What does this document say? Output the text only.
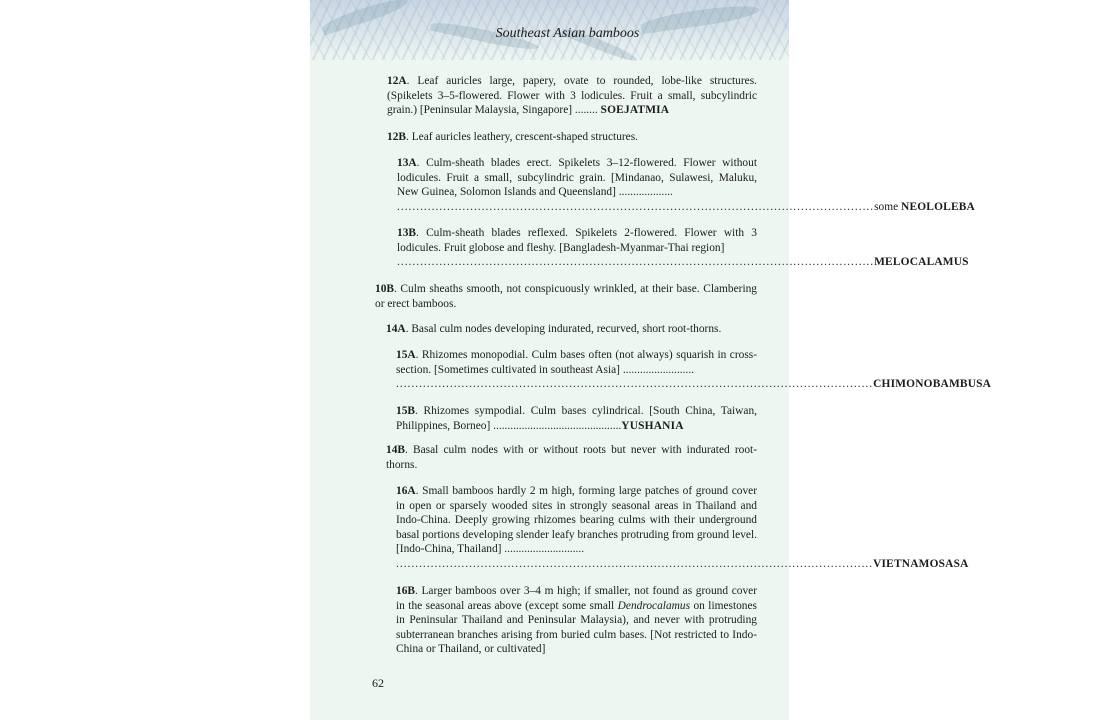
Southeast Asian bamboos

12A. Leaf auricles large, papery, ovate to rounded, lobe-like structures. (Spikelets 3–5-flowered. Flower with 3 lodicules. Fruit a small, subcylindric grain.) [Peninsular Malaysia, Singapore] ........ SOEJATMIA

12B. Leaf auricles leathery, crescent-shaped structures.

13A. Culm-sheath blades erect. Spikelets 3–12-flowered. Flower without lodicules. Fruit a small, subcylindric grain. [Mindanao, Sulawesi, Maluku, New Guinea, Solomon Islands and Queensland] ...................
............................................................................................................................ some
NEOLOLEBA
13B. Culm-sheath blades reflexed. Spikelets 2-flowered. Flower with 3 lodicules. Fruit globose and fleshy. [Bangladesh-Myanmar-Thai region]
............................................................................................................................ MELOCALAMUS

10B. Culm sheaths smooth, not conspicuously wrinkled, at their base. Clambering or erect bamboos.

14A. Basal culm nodes developing indurated, recurved, short root-thorns.

15A. Rhizomes monopodial. Culm bases often (not always) squarish in cross-section. [Sometimes cultivated in southeast Asia] .........................
............................................................................................................................ CHIMONOBAMBUSA

15B. Rhizomes sympodial. Culm bases cylindrical. [South China, Taiwan, Philippines, Borneo] .............................................YUSHANIA

14B. Basal culm nodes with or without roots but never with indurated root-thorns.

16A. Small bamboos hardly 2 m high, forming large patches of ground cover in open or sparsely wooded sites in strongly seasonal areas in Thailand and Indo-China. Deeply growing rhizomes bearing culms with their underground basal portions developing slender leafy branches protruding from ground level. [Indo-China, Thailand] ............................
............................................................................................................................ VIETNAMOSASA

16B. Larger bamboos over 3–4 m high; if smaller, not found as ground cover in the seasonal areas above (except some small Dendrocalamus on limestones in Peninsular Thailand and Peninsular Malaysia), and never with protruding subterranean branches arising from buried culm bases. [Not restricted to Indo-China or Thailand, or cultivated]

62
